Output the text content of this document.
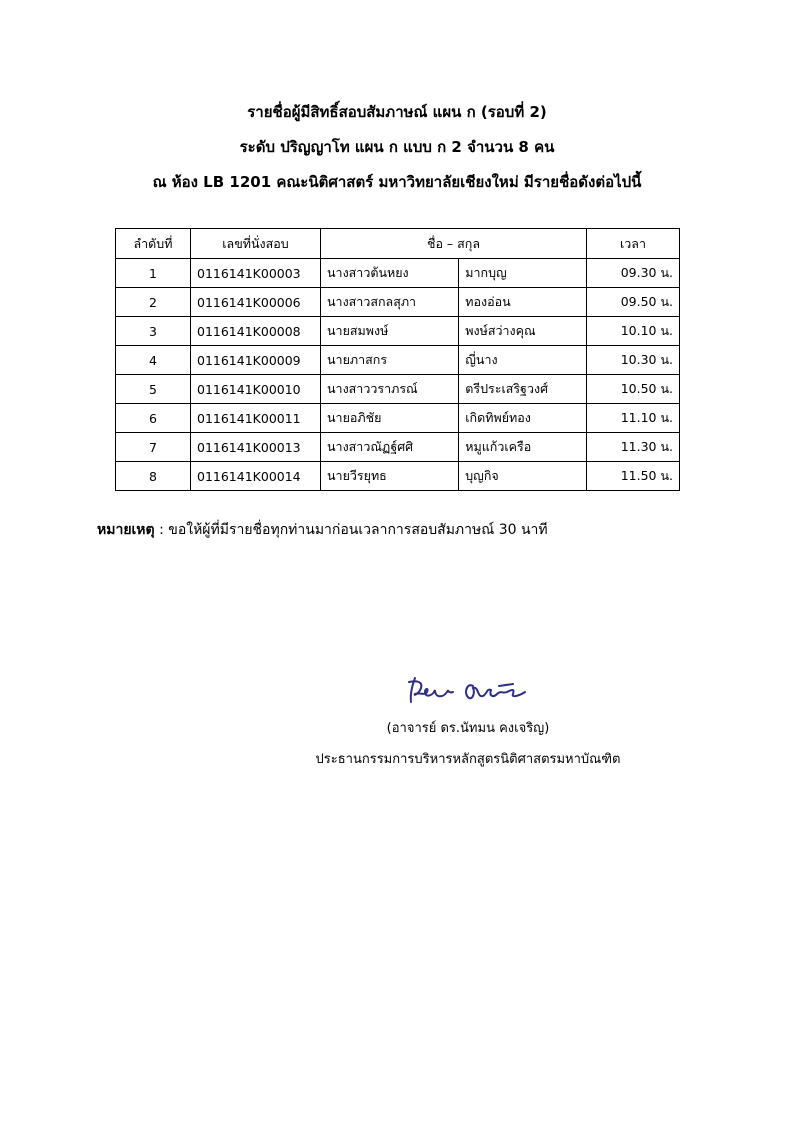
รายชื่อผู้มีสิทธิ์สอบสัมภาษณ์ แผน ก (รอบที่ 2)
ระดับ ปริญญาโท แผน ก แบบ ก 2 จำนวน 8 คน
ณ ห้อง LB 1201 คณะนิติศาสตร์ มหาวิทยาลัยเชียงใหม่ มีรายชื่อดังต่อไปนี้
ลำดับที่	เลขที่นั่งสอบ	ชื่อ – สกุล		เวลา
1	0116141K00003	นางสาวต้นหยง	มากบุญ	09.30 น.
2	0116141K00006	นางสาวสกลสุภา	ทองอ่อน	09.50 น.
3	0116141K00008	นายสมพงษ์	พงษ์สว่างคุณ	10.10 น.
4	0116141K00009	นายภาสกร	ญี่นาง	10.30 น.
5	0116141K00010	นางสาววราภรณ์	ตรีประเสริฐวงศ์	10.50 น.
6	0116141K00011	นายอภิชัย	เกิดทิพย์ทอง	11.10 น.
7	0116141K00013	นางสาวณัฏฐ์ศศิ	หมูแก้วเครือ	11.30 น.
8	0116141K00014	นายวีรยุทธ	บุญกิจ	11.50 น.
หมายเหตุ : ขอให้ผู้ที่มีรายชื่อทุกท่านมาก่อนเวลาการสอบสัมภาษณ์ 30 นาที
(อาจารย์ ดร.นัทมน คงเจริญ)
ประธานกรรมการบริหารหลักสูตรนิติศาสตรมหาบัณฑิต
